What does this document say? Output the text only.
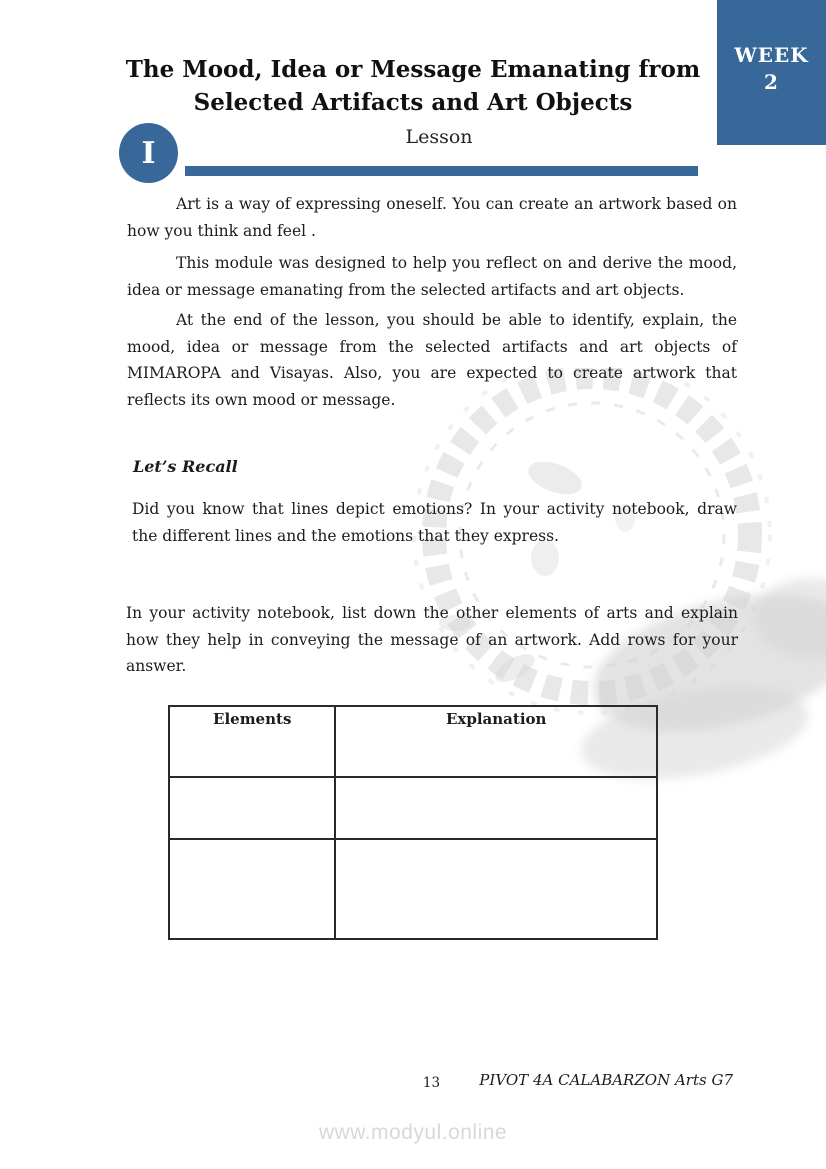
WEEK
2
The Mood, Idea or Message Emanating from
Selected Artifacts and Art Objects
I	Lesson

Art is a way of expressing oneself. You can create an artwork based on how you think and feel .

This module was designed to help you reflect on and derive the mood, idea or message emanating from the selected artifacts and art objects.

At the end of the lesson, you should be able to identify, explain, the mood, idea or message from the selected artifacts and art objects of MIMAROPA and Visayas. Also, you are expected to create artwork that reflects its own mood or message.

Let’s Recall

Did you know that lines depict emotions? In your activity notebook, draw the different lines and the emotions that they express.

In your activity notebook, list down the other elements of arts and explain how they help in conveying the message of an artwork. Add rows for your answer.

Elements	Explanation

13	PIVOT 4A CALABARZON Arts G7
www.modyul.online
